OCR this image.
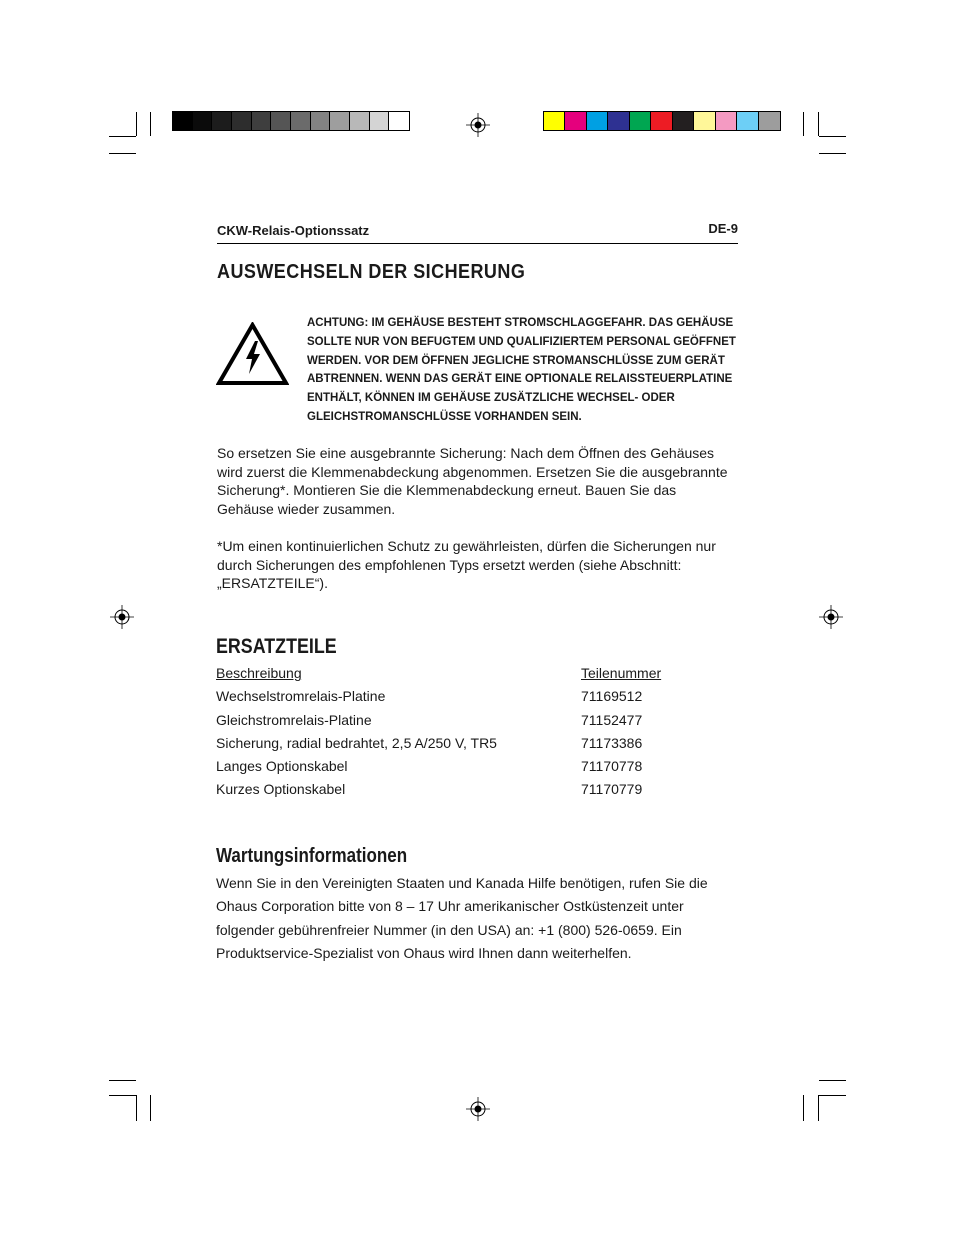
CKW-Relais-Optionssatz	DE-9
AUSWECHSELN DER SICHERUNG
ACHTUNG: IM GEHÄUSE BESTEHT STROMSCHLAGGEFAHR. DAS GEHÄUSE
SOLLTE NUR VON BEFUGTEM UND QUALIFIZIERTEM PERSONAL GEÖFFNET
WERDEN. VOR DEM ÖFFNEN JEGLICHE STROMANSCHLÜSSE ZUM GERÄT
ABTRENNEN. WENN DAS GERÄT EINE OPTIONALE RELAISSTEUERPLATINE
ENTHÄLT, KÖNNEN IM GEHÄUSE ZUSÄTZLICHE WECHSEL- ODER
GLEICHSTROMANSCHLÜSSE VORHANDEN SEIN.
So ersetzen Sie eine ausgebrannte Sicherung: Nach dem Öffnen des Gehäuses
wird zuerst die Klemmenabdeckung abgenommen. Ersetzen Sie die ausgebrannte
Sicherung*. Montieren Sie die Klemmenabdeckung erneut. Bauen Sie das
Gehäuse wieder zusammen.
*Um einen kontinuierlichen Schutz zu gewährleisten, dürfen die Sicherungen nur
durch Sicherungen des empfohlenen Typs ersetzt werden (siehe Abschnitt:
„ERSATZTEILE“).
ERSATZTEILE
Beschreibung	Teilenummer
Wechselstromrelais-Platine	71169512
Gleichstromrelais-Platine	71152477
Sicherung, radial bedrahtet, 2,5 A/250 V, TR5	71173386
Langes Optionskabel	71170778
Kurzes Optionskabel	71170779
Wartungsinformationen
Wenn Sie in den Vereinigten Staaten und Kanada Hilfe benötigen, rufen Sie die
Ohaus Corporation bitte von 8 – 17 Uhr amerikanischer Ostküstenzeit unter
folgender gebührenfreier Nummer (in den USA) an: +1 (800) 526-0659. Ein
Produktservice-Spezialist von Ohaus wird Ihnen dann weiterhelfen.
